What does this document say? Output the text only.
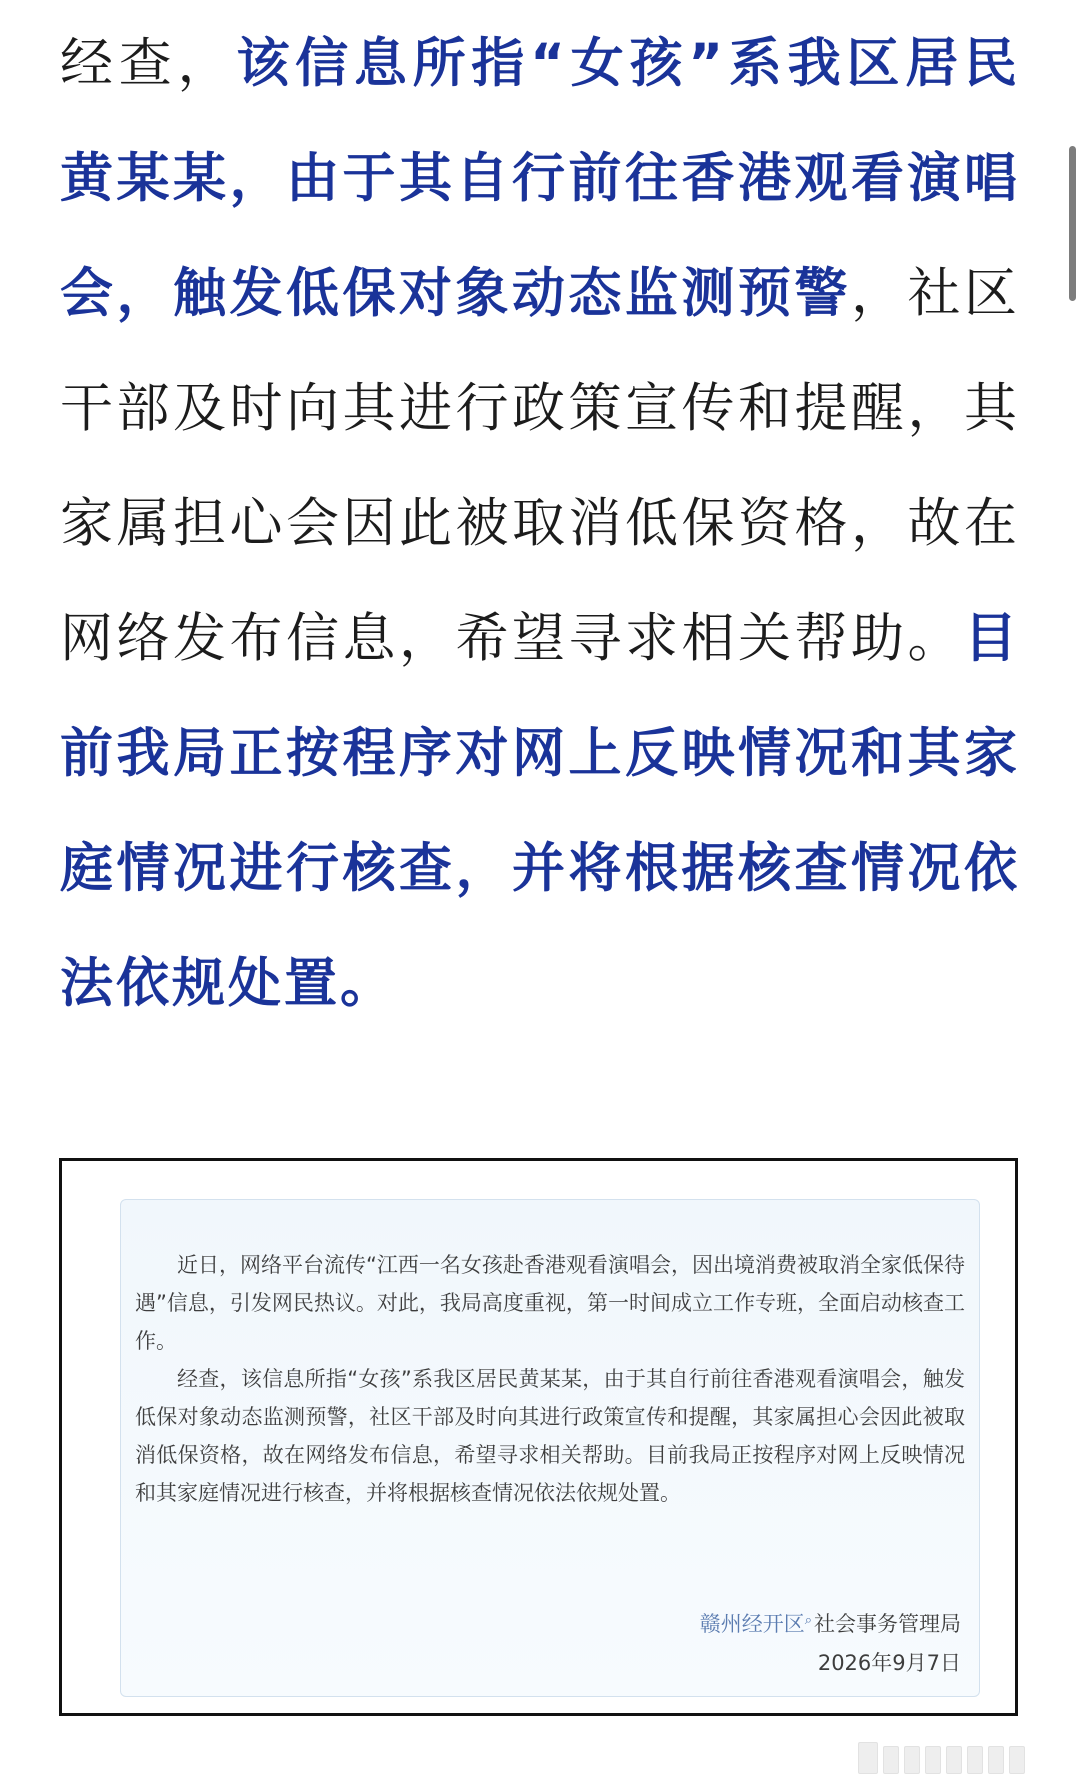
经查，该信息所指“女孩”系我区居民黄某某，由于其自行前往香港观看演唱会，触发低保对象动态监测预警，社区干部及时向其进行政策宣传和提醒，其家属担心会因此被取消低保资格，故在网络发布信息，希望寻求相关帮助。目前我局正按程序对网上反映情况和其家庭情况进行核查，并将根据核查情况依法依规处置。

近日，网络平台流传“江西一名女孩赴香港观看演唱会，因出境消费被取消全家低保待遇”信息，引发网民热议。对此，我局高度重视，第一时间成立工作专班，全面启动核查工作。

经查，该信息所指“女孩”系我区居民黄某某，由于其自行前往香港观看演唱会，触发低保对象动态监测预警，社区干部及时向其进行政策宣传和提醒，其家属担心会因此被取消低保资格，故在网络发布信息，希望寻求相关帮助。目前我局正按程序对网上反映情况和其家庭情况进行核查，并将根据核查情况依法依规处置。

赣州经开区⌕社会事务管理局
2026年9月7日
